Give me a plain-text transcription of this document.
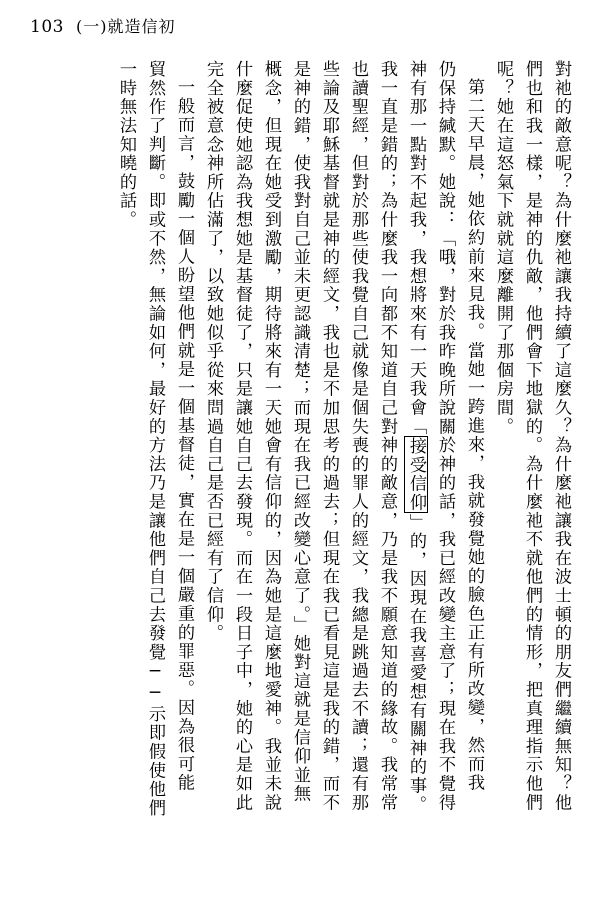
103 (一)就造信初
對祂的敵意呢？為什麼祂讓我持續了這麼久？為什麼祂讓我在波士頓的朋友們繼續無知？他
們也和我一樣，是神的仇敵，他們會下地獄的。為什麼祂不就他們的情形，把真理指示他們
呢？她在這怒氣下就就這麼離開了那個房間。
第二天早晨，她依約前來見我。當她一跨進來，我就發覺她的臉色正有所改變，然而我
仍保持緘默。她說：「哦，對於我昨晚所說關於神的話，我已經改變主意了；現在我不覺得
神有那一點對不起我，我想將來有一天我會「接受信仰」的，因現在我喜愛想有關神的事。
我一直是錯的；為什麼我一向都不知道自己對神的敵意，乃是我不願意知道的緣故。我常常
也讀聖經，但對於那些使我覺自己就像是個失喪的罪人的經文，我總是跳過去不讀；還有那
些論及耶穌基督就是神的經文，我也是不加思考的過去；但現在我已看見這是我的錯，而不
是神的錯，使我對自己並未更認識清楚；而現在我已經改變心意了。」她對這就是信仰並無
概念，但現在她受到激勵，期待將來有一天她會有信仰的，因為她是這麼地愛神。我並未說
什麼促使她認為我想她是基督徒了，只是讓她自己去發現。而在一段日子中，她的心是如此
完全被意念神所佔滿了，以致她似乎從來問過自己是否已經有了信仰。
一般而言，鼓勵一個人盼望他們就是一個基督徒，實在是一個嚴重的罪惡。因為很可能
貿然作了判斷。即或不然，無論如何，最好的方法乃是讓他們自己去發覺──示即假使他們
一時無法知曉的話。
